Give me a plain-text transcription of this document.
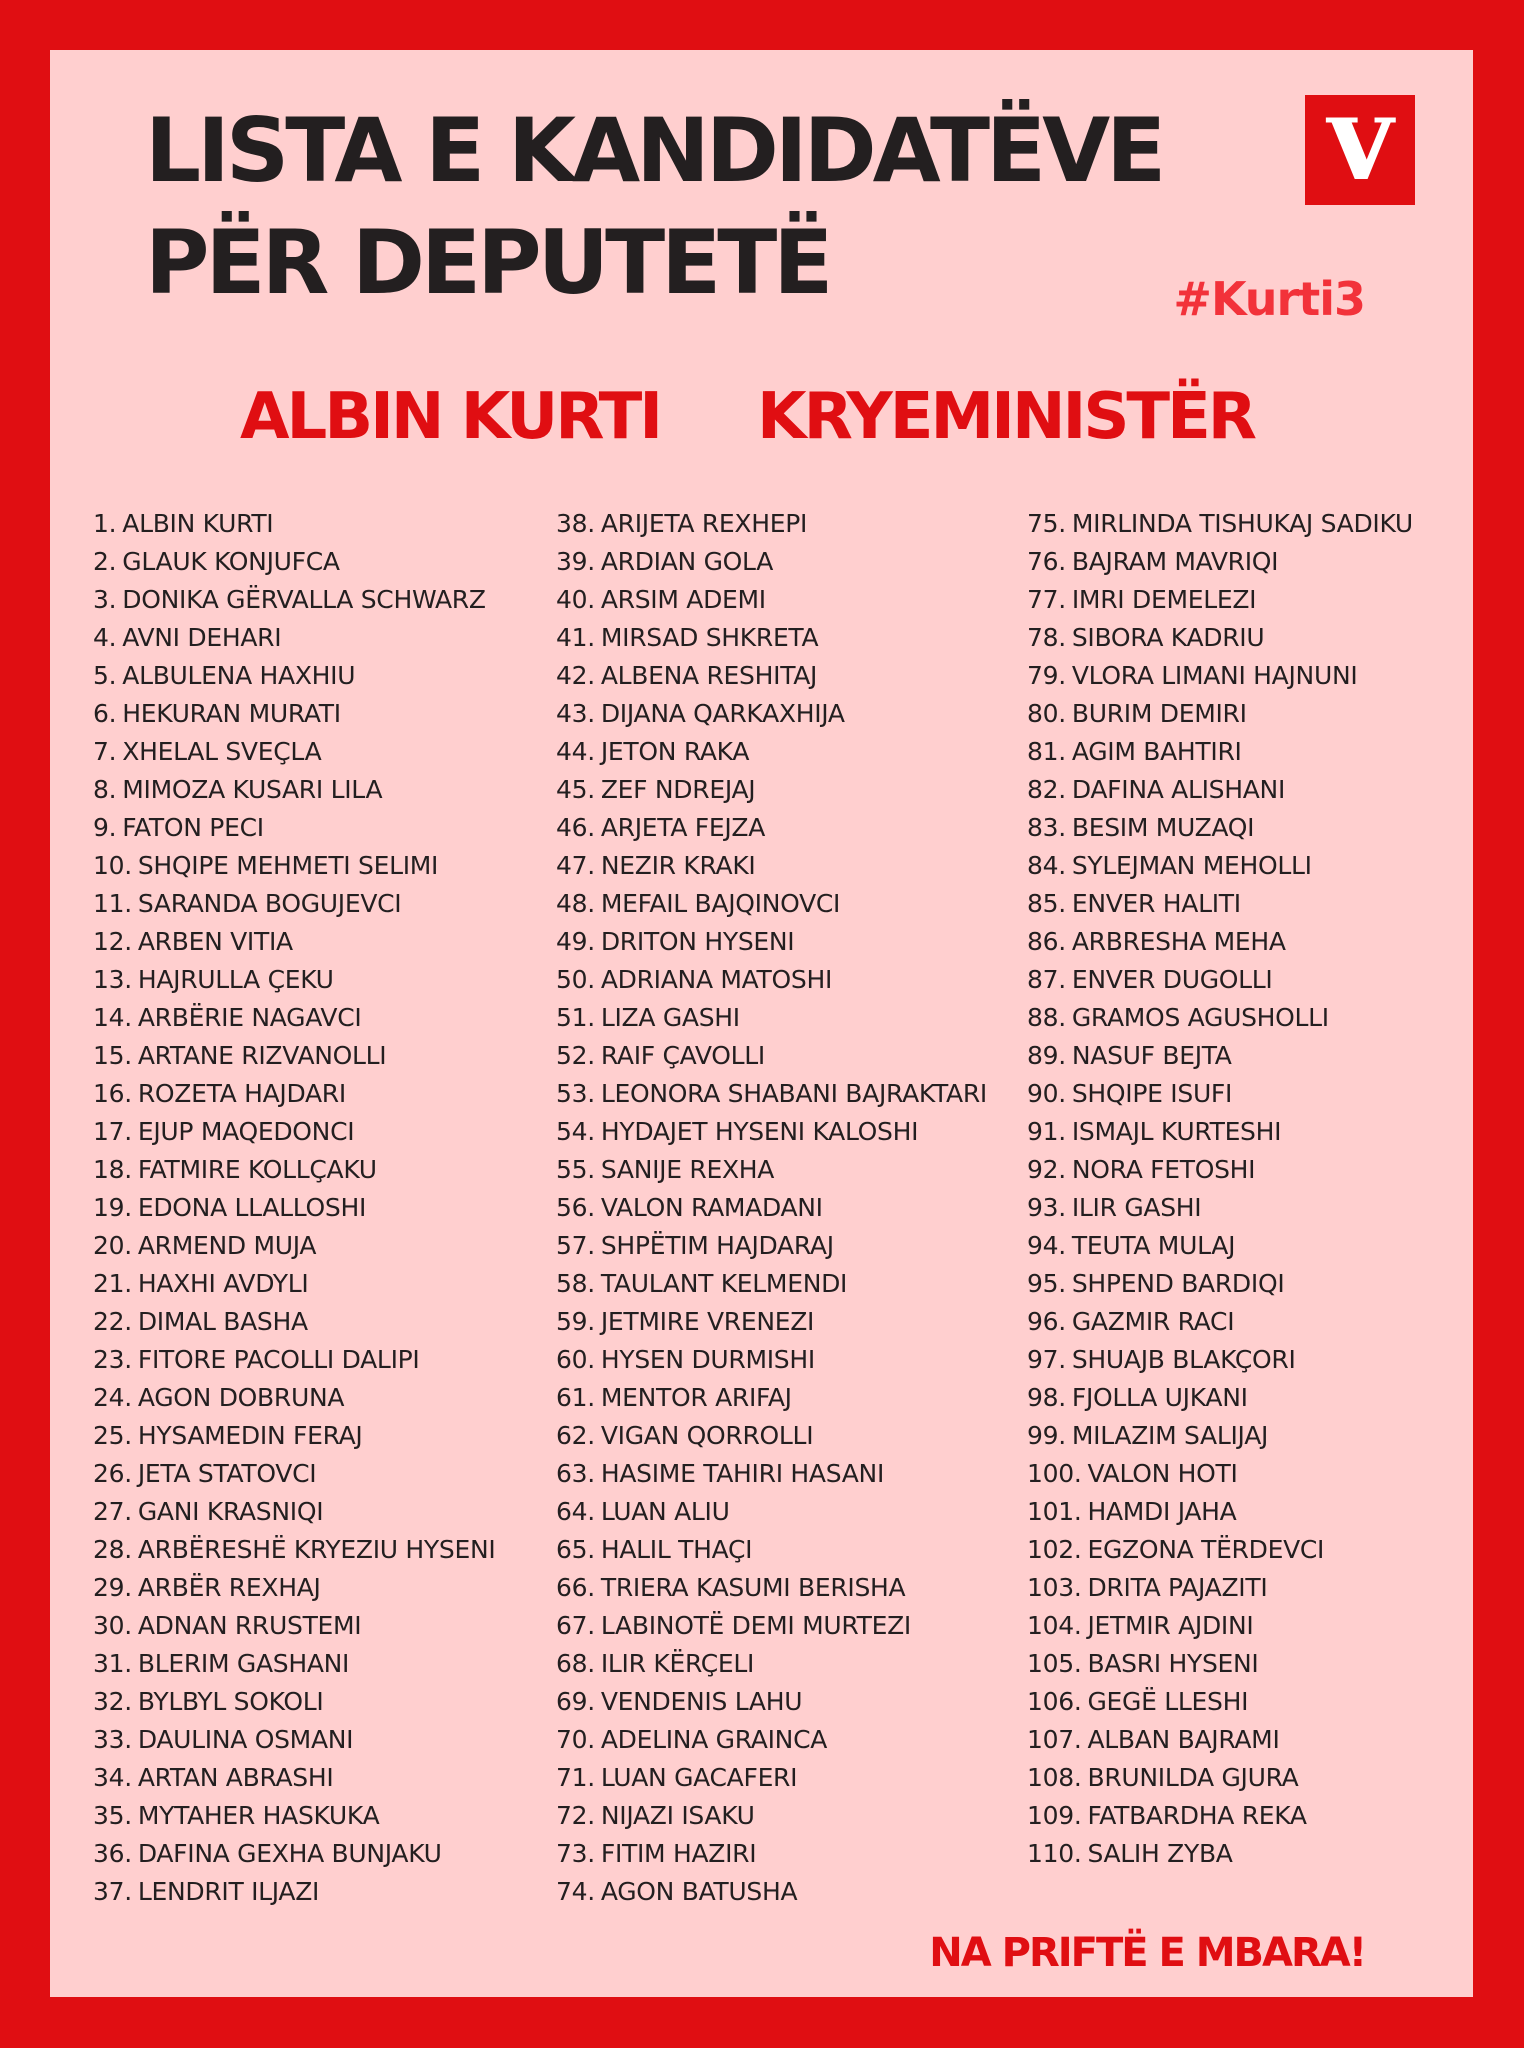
LISTA E KANDIDATËVE
PËR DEPUTETË
V
#Kurti3
ALBIN KURTI KRYEMINISTËR
1. ALBIN KURTI
2. GLAUK KONJUFCA
3. DONIKA GËRVALLA SCHWARZ
4. AVNI DEHARI
5. ALBULENA HAXHIU
6. HEKURAN MURATI
7. XHELAL SVEÇLA
8. MIMOZA KUSARI LILA
9. FATON PECI
10. SHQIPE MEHMETI SELIMI
11. SARANDA BOGUJEVCI
12. ARBEN VITIA
13. HAJRULLA ÇEKU
14. ARBËRIE NAGAVCI
15. ARTANE RIZVANOLLI
16. ROZETA HAJDARI
17. EJUP MAQEDONCI
18. FATMIRE KOLLÇAKU
19. EDONA LLALLOSHI
20. ARMEND MUJA
21. HAXHI AVDYLI
22. DIMAL BASHA
23. FITORE PACOLLI DALIPI
24. AGON DOBRUNA
25. HYSAMEDIN FERAJ
26. JETA STATOVCI
27. GANI KRASNIQI
28. ARBËRESHË KRYEZIU HYSENI
29. ARBËR REXHAJ
30. ADNAN RRUSTEMI
31. BLERIM GASHANI
32. BYLBYL SOKOLI
33. DAULINA OSMANI
34. ARTAN ABRASHI
35. MYTAHER HASKUKA
36. DAFINA GEXHA BUNJAKU
37. LENDRIT ILJAZI
38. ARIJETA REXHEPI
39. ARDIAN GOLA
40. ARSIM ADEMI
41. MIRSAD SHKRETA
42. ALBENA RESHITAJ
43. DIJANA QARKAXHIJA
44. JETON RAKA
45. ZEF NDREJAJ
46. ARJETA FEJZA
47. NEZIR KRAKI
48. MEFAIL BAJQINOVCI
49. DRITON HYSENI
50. ADRIANA MATOSHI
51. LIZA GASHI
52. RAIF ÇAVOLLI
53. LEONORA SHABANI BAJRAKTARI
54. HYDAJET HYSENI KALOSHI
55. SANIJE REXHA
56. VALON RAMADANI
57. SHPËTIM HAJDARAJ
58. TAULANT KELMENDI
59. JETMIRE VRENEZI
60. HYSEN DURMISHI
61. MENTOR ARIFAJ
62. VIGAN QORROLLI
63. HASIME TAHIRI HASANI
64. LUAN ALIU
65. HALIL THAÇI
66. TRIERA KASUMI BERISHA
67. LABINOTË DEMI MURTEZI
68. ILIR KËRÇELI
69. VENDENIS LAHU
70. ADELINA GRAINCA
71. LUAN GACAFERI
72. NIJAZI ISAKU
73. FITIM HAZIRI
74. AGON BATUSHA
75. MIRLINDA TISHUKAJ SADIKU
76. BAJRAM MAVRIQI
77. IMRI DEMELEZI
78. SIBORA KADRIU
79. VLORA LIMANI HAJNUNI
80. BURIM DEMIRI
81. AGIM BAHTIRI
82. DAFINA ALISHANI
83. BESIM MUZAQI
84. SYLEJMAN MEHOLLI
85. ENVER HALITI
86. ARBRESHA MEHA
87. ENVER DUGOLLI
88. GRAMOS AGUSHOLLI
89. NASUF BEJTA
90. SHQIPE ISUFI
91. ISMAJL KURTESHI
92. NORA FETOSHI
93. ILIR GASHI
94. TEUTA MULAJ
95. SHPEND BARDIQI
96. GAZMIR RACI
97. SHUAJB BLAKÇORI
98. FJOLLA UJKANI
99. MILAZIM SALIJAJ
100. VALON HOTI
101. HAMDI JAHA
102. EGZONA TËRDEVCI
103. DRITA PAJAZITI
104. JETMIR AJDINI
105. BASRI HYSENI
106. GEGË LLESHI
107. ALBAN BAJRAMI
108. BRUNILDA GJURA
109. FATBARDHA REKA
110. SALIH ZYBA
NA PRIFTË E MBARA!
